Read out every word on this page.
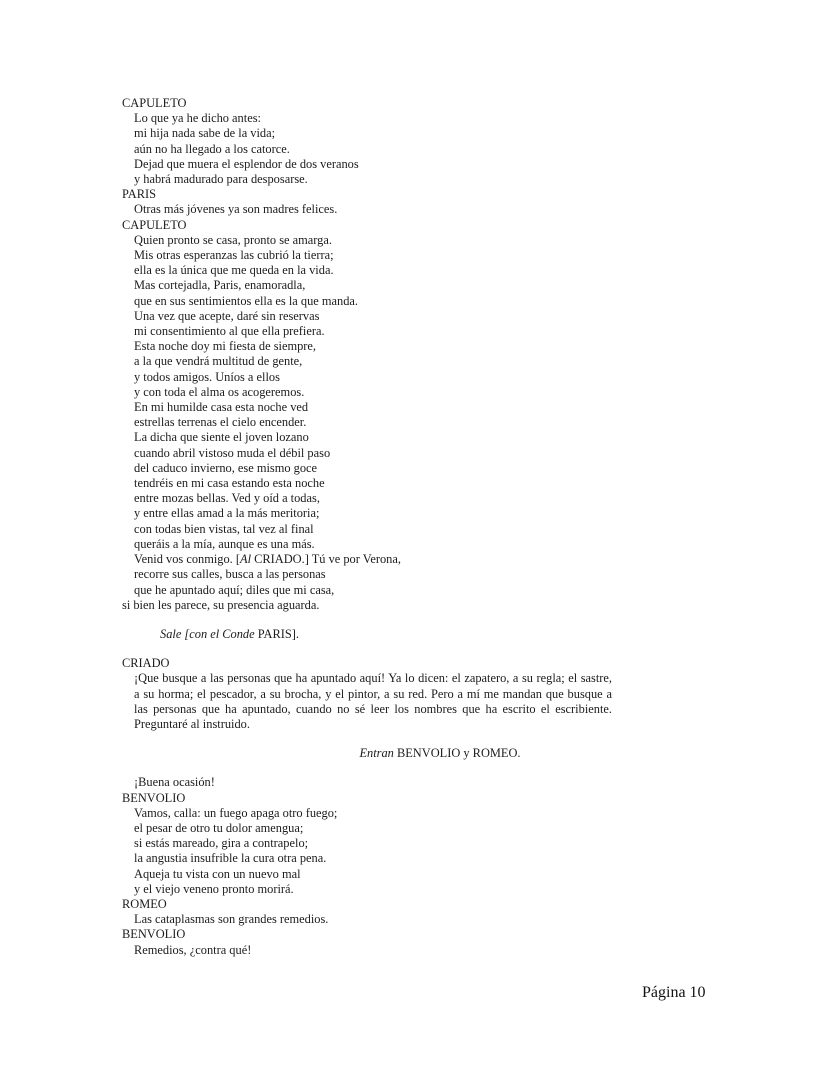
CAPULETO
Lo que ya he dicho antes:
mi hija nada sabe de la vida;
aún no ha llegado a los catorce.
Dejad que muera el esplendor de dos veranos
y habrá madurado para desposarse.
PARIS
Otras más jóvenes ya son madres felices.
CAPULETO
Quien pronto se casa, pronto se amarga.
Mis otras esperanzas las cubrió la tierra;
ella es la única que me queda en la vida.
Mas cortejadla, Paris, enamoradla,
que en sus sentimientos ella es la que manda.
Una vez que acepte, daré sin reservas
mi consentimiento al que ella prefiera.
Esta noche doy mi fiesta de siempre,
a la que vendrá multitud de gente,
y todos amigos. Uníos a ellos
y con toda el alma os acogeremos.
En mi humilde casa esta noche ved
estrellas terrenas el cielo encender.
La dicha que siente el joven lozano
cuando abril vistoso muda el débil paso
del caduco invierno, ese mismo goce
tendréis en mi casa estando esta noche
entre mozas bellas. Ved y oíd a todas,
y entre ellas amad a la más meritoria;
con todas bien vistas, tal vez al final
queráis a la mía, aunque es una más.
Venid vos conmigo. [Al CRIADO.] Tú ve por Verona,
recorre sus calles, busca a las personas
que he apuntado aquí; diles que mi casa,
si bien les parece, su presencia aguarda.
Sale [con el Conde PARIS].
CRIADO
¡Que busque a las personas que ha apuntado aquí! Ya lo dicen: el zapatero, a su regla; el sastre, a su horma; el pescador, a su brocha, y el pintor, a su red. Pero a mí me mandan que busque a las personas que ha apuntado, cuando no sé leer los nombres que ha escrito el escribiente. Preguntaré al instruido.
Entran BENVOLIO y ROMEO.
¡Buena ocasión!
BENVOLIO
Vamos, calla: un fuego apaga otro fuego;
el pesar de otro tu dolor amengua;
si estás mareado, gira a contrapelo;
la angustia insufrible la cura otra pena.
Aqueja tu vista con un nuevo mal
y el viejo veneno pronto morirá.
ROMEO
Las cataplasmas son grandes remedios.
BENVOLIO
Remedios, ¿contra qué!
Página 10
